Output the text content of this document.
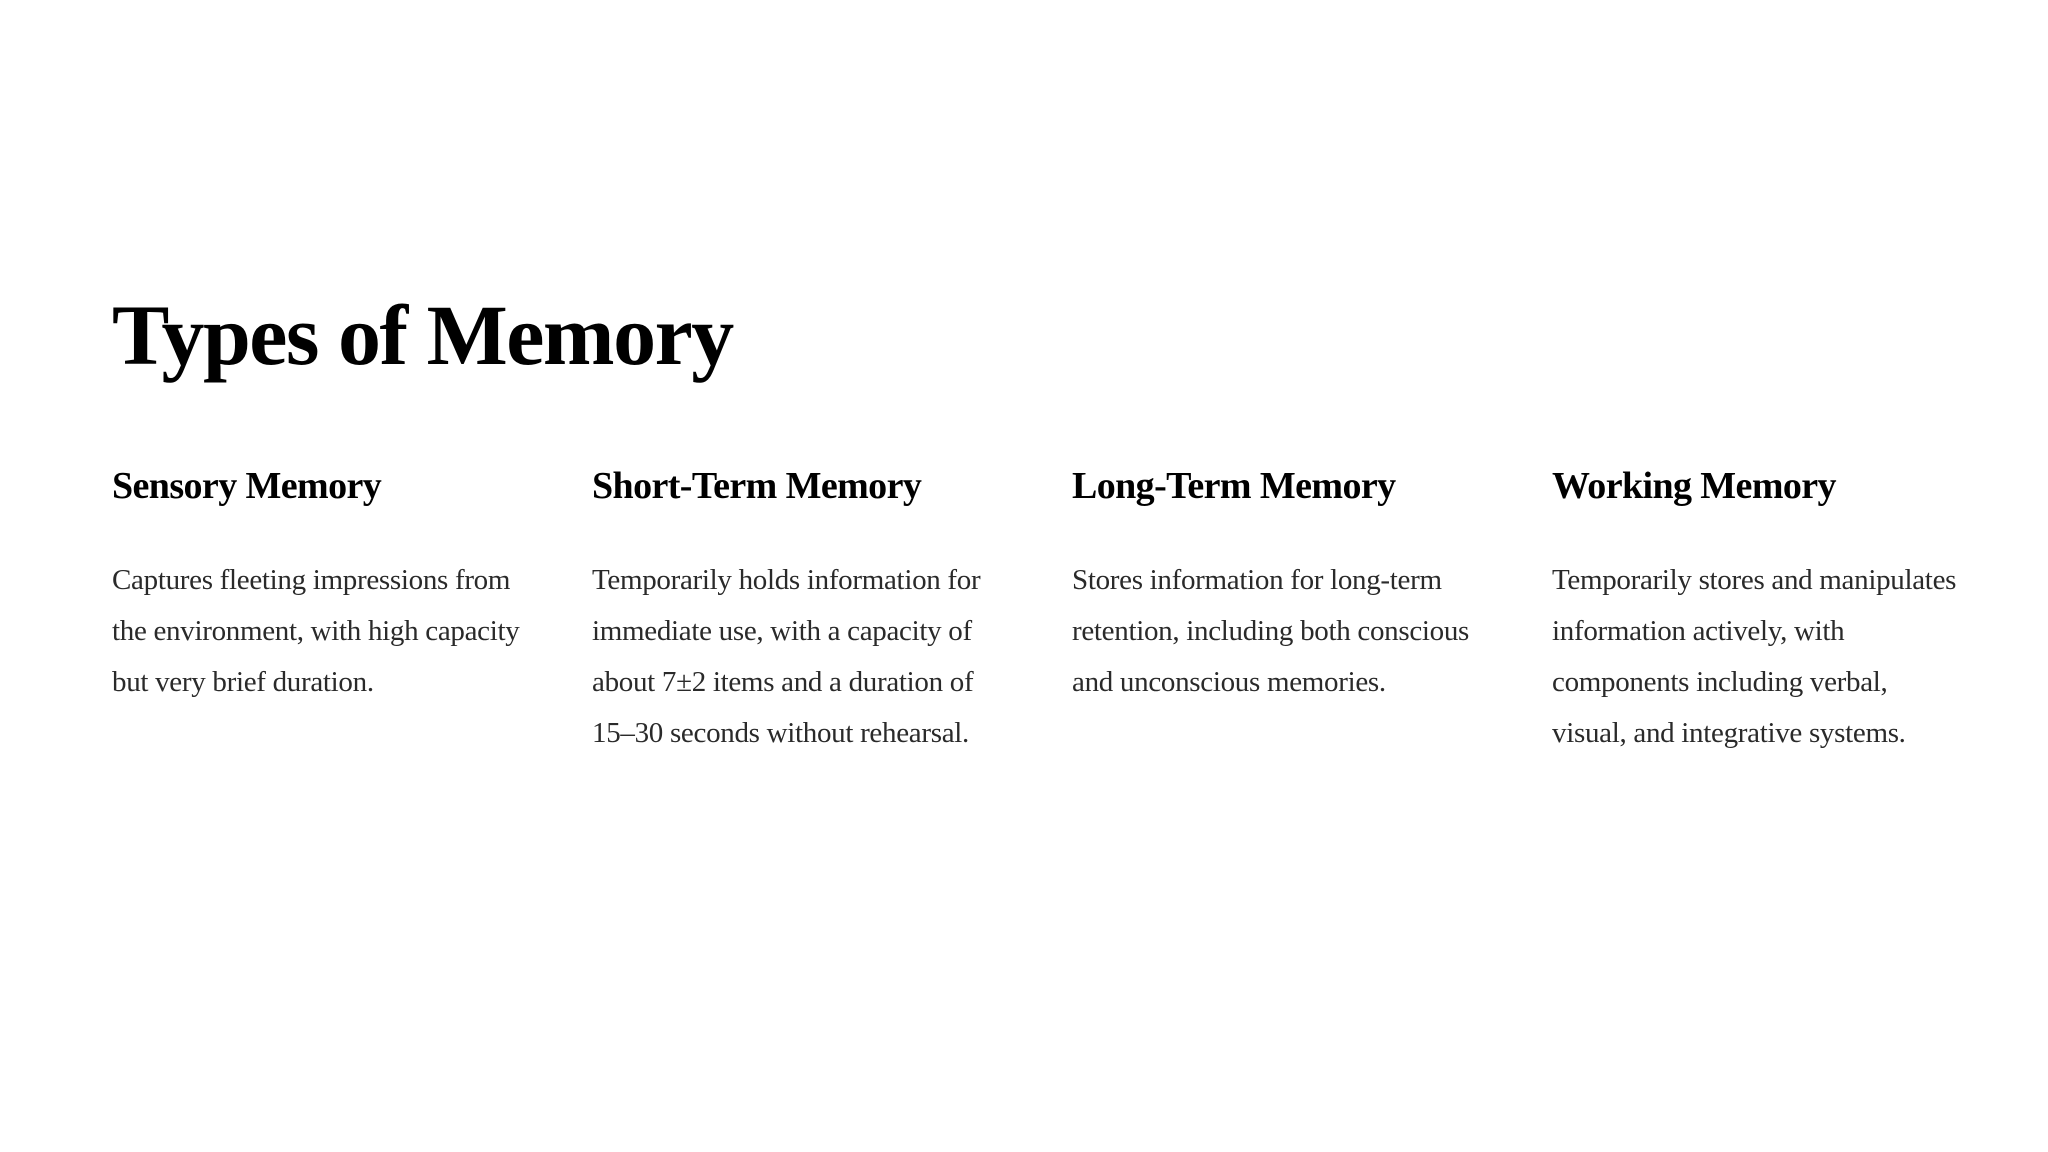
Types of Memory
Sensory Memory

Captures fleeting impressions from the environment, with high capacity but very brief duration.

Short-Term Memory

Temporarily holds information for immediate use, with a capacity of about 7±2 items and a duration of 15–30 seconds without rehearsal.

Long-Term Memory

Stores information for long-term retention, including both conscious and unconscious memories.

Working Memory

Temporarily stores and manipulates information actively, with components including verbal, visual, and integrative systems.
